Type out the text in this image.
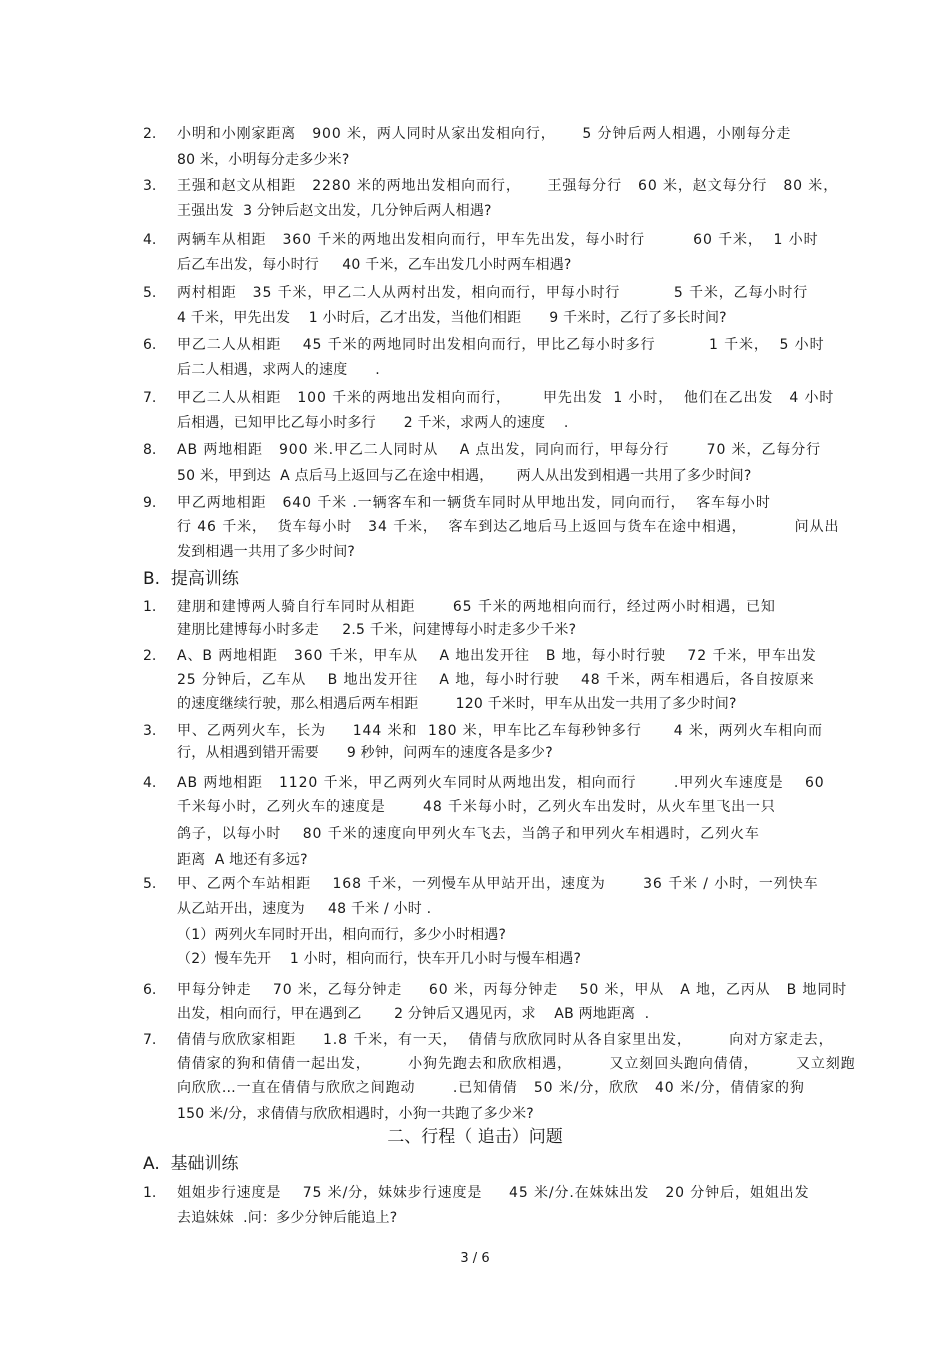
2. 小明和小刚家距离   900 米，两人同时从家出发相向行，     5 分钟后两人相遇，小刚每分走
80 米，小明每分走多少米?
3. 王强和赵文从相距   2280 米的两地出发相向而行，     王强每分行   60 米，赵文每分行   80 米，
王强出发  3 分钟后赵文出发，几分钟后两人相遇?
4. 两辆车从相距   360 千米的两地出发相向而行，甲车先出发，每小时行         60 千米，  1 小时
后乙车出发，每小时行     40 千米，乙车出发几小时两车相遇?
5. 两村相距   35 千米，甲乙二人从两村出发，相向而行，甲每小时行          5 千米，乙每小时行
4 千米，甲先出发    1 小时后，乙才出发，当他们相距      9 千米时，乙行了多长时间?
6. 甲乙二人从相距    45 千米的两地同时出发相向而行，甲比乙每小时多行          1 千米，  5 小时
后二人相遇，求两人的速度      .
7. 甲乙二人从相距   100 千米的两地出发相向而行，      甲先出发  1 小时，  他们在乙出发   4 小时
后相遇，已知甲比乙每小时多行      2 千米，求两人的速度    .
8. AB 两地相距   900 米.甲乙二人同时从    A 点出发，同向而行，甲每分行       70 米，乙每分行
50 米，甲到达  A 点后马上返回与乙在途中相遇，     两人从出发到相遇一共用了多少时间?
9. 甲乙两地相距   640 千米 .一辆客车和一辆货车同时从甲地出发，同向而行，  客车每小时
行 46 千米，  货车每小时   34 千米，  客车到达乙地后马上返回与货车在途中相遇，         问从出
发到相遇一共用了多少时间?
B.  提高训练
1. 建朋和建博两人骑自行车同时从相距       65 千米的两地相向而行，经过两小时相遇，已知
建朋比建博每小时多走     2.5 千米，问建博每小时走多少千米?
2. A、B 两地相距   360 千米，甲车从    A 地出发开往   B 地，每小时行驶    72 千米，甲车出发
25 分钟后，乙车从    B 地出发开往    A 地，每小时行驶    48 千米，两车相遇后，各自按原来
的速度继续行驶，那么相遇后两车相距        120 千米时，甲车从出发一共用了多少时间?
3. 甲、乙两列火车，长为     144 米和  180 米，甲车比乙车每秒钟多行      4 米，两列火车相向而
行，从相遇到错开需要      9 秒钟，问两车的速度各是多少?
4. AB 两地相距   1120 千米，甲乙两列火车同时从两地出发，相向而行       .甲列火车速度是    60
千米每小时，乙列火车的速度是       48 千米每小时，乙列火车出发时，从火车里飞出一只
鸽子，以每小时    80 千米的速度向甲列火车飞去，当鸽子和甲列火车相遇时，乙列火车
距离  A 地还有多远?
5. 甲、乙两个车站相距    168 千米，一列慢车从甲站开出，速度为       36 千米 / 小时，一列快车
从乙站开出，速度为     48 千米 / 小时 .
（1）两列火车同时开出，相向而行，多少小时相遇?
（2）慢车先开    1 小时，相向而行，快车开几小时与慢车相遇?
6. 甲每分钟走    70 米，乙每分钟走     60 米，丙每分钟走    50 米，甲从   A 地，乙丙从   B 地同时
出发，相向而行，甲在遇到乙       2 分钟后又遇见丙，求    AB 两地距离  .
7. 倩倩与欣欣家相距     1.8 千米，有一天，  倩倩与欣欣同时从各自家里出发，       向对方家走去，
倩倩家的狗和倩倩一起出发，       小狗先跑去和欣欣相遇，       又立刻回头跑向倩倩，       又立刻跑
向欣欣…一直在倩倩与欣欣之间跑动       .已知倩倩   50 米/分，欣欣   40 米/分，倩倩家的狗
150 米/分，求倩倩与欣欣相遇时，小狗一共跑了多少米?
二、行程（ 追击）问题
A.  基础训练
1. 姐姐步行速度是    75 米/分，妹妹步行速度是     45 米/分.在妹妹出发   20 分钟后，姐姐出发
去追妹妹  .问：多少分钟后能追上?
3 / 6
